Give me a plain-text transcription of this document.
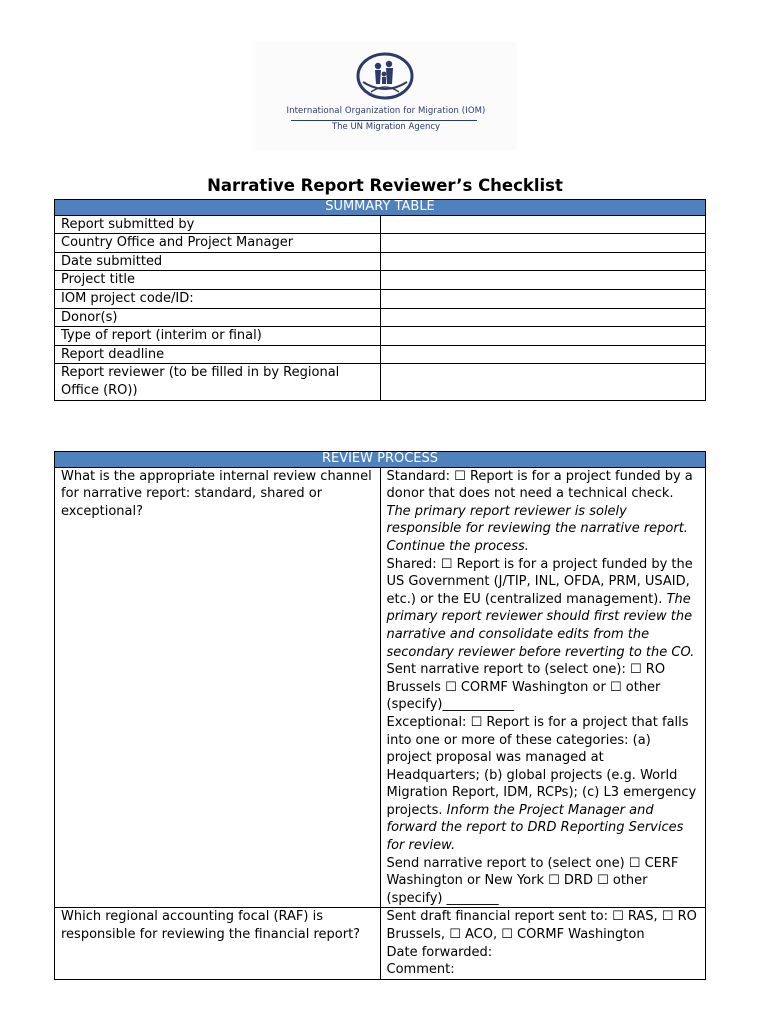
International Organization for Migration (IOM)
The UN Migration Agency
Narrative Report Reviewer’s Checklist
SUMMARY TABLE	
Report submitted by	
Country Office and Project Manager	
Date submitted	
Project title	
IOM project code/ID:	
Donor(s)	
Type of report (interim or final)	
Report deadline	
Report reviewer (to be filled in by Regional Office (RO))	
REVIEW PROCESS	
What is the appropriate internal review channel for narrative report: standard, shared or exceptional?	Standard: ☐ Report is for a project funded by a donor that does not need a technical check. The primary report reviewer is solely responsible for reviewing the narrative report. Continue the process.
Shared: ☐ Report is for a project funded by the US Government (J/TIP, INL, OFDA, PRM, USAID, etc.) or the EU (centralized management). The primary report reviewer should first review the narrative and consolidate edits from the secondary reviewer before reverting to the CO.
Sent narrative report to (select one): ☐ RO Brussels ☐ CORMF Washington or ☐ other (specify)___________
Exceptional: ☐ Report is for a project that falls into one or more of these categories: (a) project proposal was managed at Headquarters; (b) global projects (e.g. World Migration Report, IDM, RCPs); (c) L3 emergency projects. Inform the Project Manager and forward the report to DRD Reporting Services for review.
Send narrative report to (select one) ☐ CERF Washington or New York ☐ DRD ☐ other (specify) ________

Which regional accounting focal (RAF) is responsible for reviewing the financial report?	Sent draft financial report sent to: ☐ RAS, ☐ RO Brussels, ☐ ACO, ☐ CORMF Washington
Date forwarded:
Comment:
